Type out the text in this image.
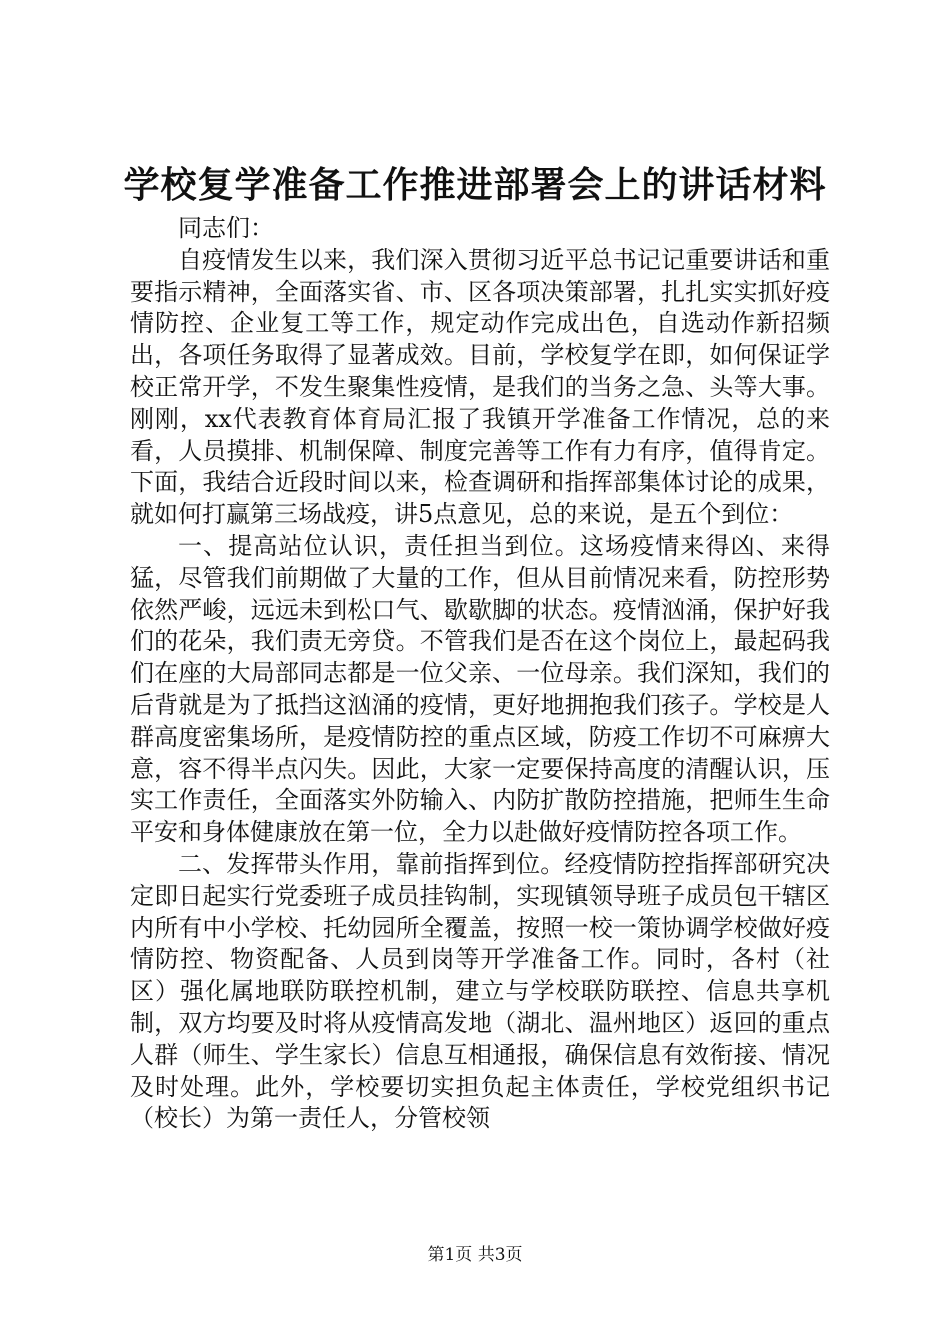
学校复学准备工作推进部署会上的讲话材料

同志们：

自疫情发生以来，我们深入贯彻习近平总书记记重要讲话和重要指示精神，全面落实省、市、区各项决策部署，扎扎实实抓好疫情防控、企业复工等工作，规定动作完成出色，自选动作新招频出，各项任务取得了显著成效。目前，学校复学在即，如何保证学校正常开学，不发生聚集性疫情，是我们的当务之急、头等大事。刚刚，xx代表教育体育局汇报了我镇开学准备工作情况，总的来看，人员摸排、机制保障、制度完善等工作有力有序，值得肯定。下面，我结合近段时间以来，检查调研和指挥部集体讨论的成果，就如何打赢第三场战疫，讲5点意见，总的来说，是五个到位：

一、提高站位认识，责任担当到位。这场疫情来得凶、来得猛，尽管我们前期做了大量的工作，但从目前情况来看，防控形势依然严峻，远远未到松口气、歇歇脚的状态。疫情汹涌，保护好我们的花朵，我们责无旁贷。不管我们是否在这个岗位上，最起码我们在座的大局部同志都是一位父亲、一位母亲。我们深知，我们的后背就是为了抵挡这汹涌的疫情，更好地拥抱我们孩子。学校是人群高度密集场所，是疫情防控的重点区域，防疫工作切不可麻痹大意，容不得半点闪失。因此，大家一定要保持高度的清醒认识，压实工作责任，全面落实外防输入、内防扩散防控措施，把师生生命平安和身体健康放在第一位，全力以赴做好疫情防控各项工作。

二、发挥带头作用，靠前指挥到位。经疫情防控指挥部研究决定即日起实行党委班子成员挂钩制，实现镇领导班子成员包干辖区内所有中小学校、托幼园所全覆盖，按照一校一策协调学校做好疫情防控、物资配备、人员到岗等开学准备工作。同时，各村（社区）强化属地联防联控机制，建立与学校联防联控、信息共享机制，双方均要及时将从疫情高发地（湖北、温州地区）返回的重点人群（师生、学生家长）信息互相通报，确保信息有效衔接、情况及时处理。此外，学校要切实担负起主体责任，学校党组织书记（校长）为第一责任人，分管校领

第1页 共3页
